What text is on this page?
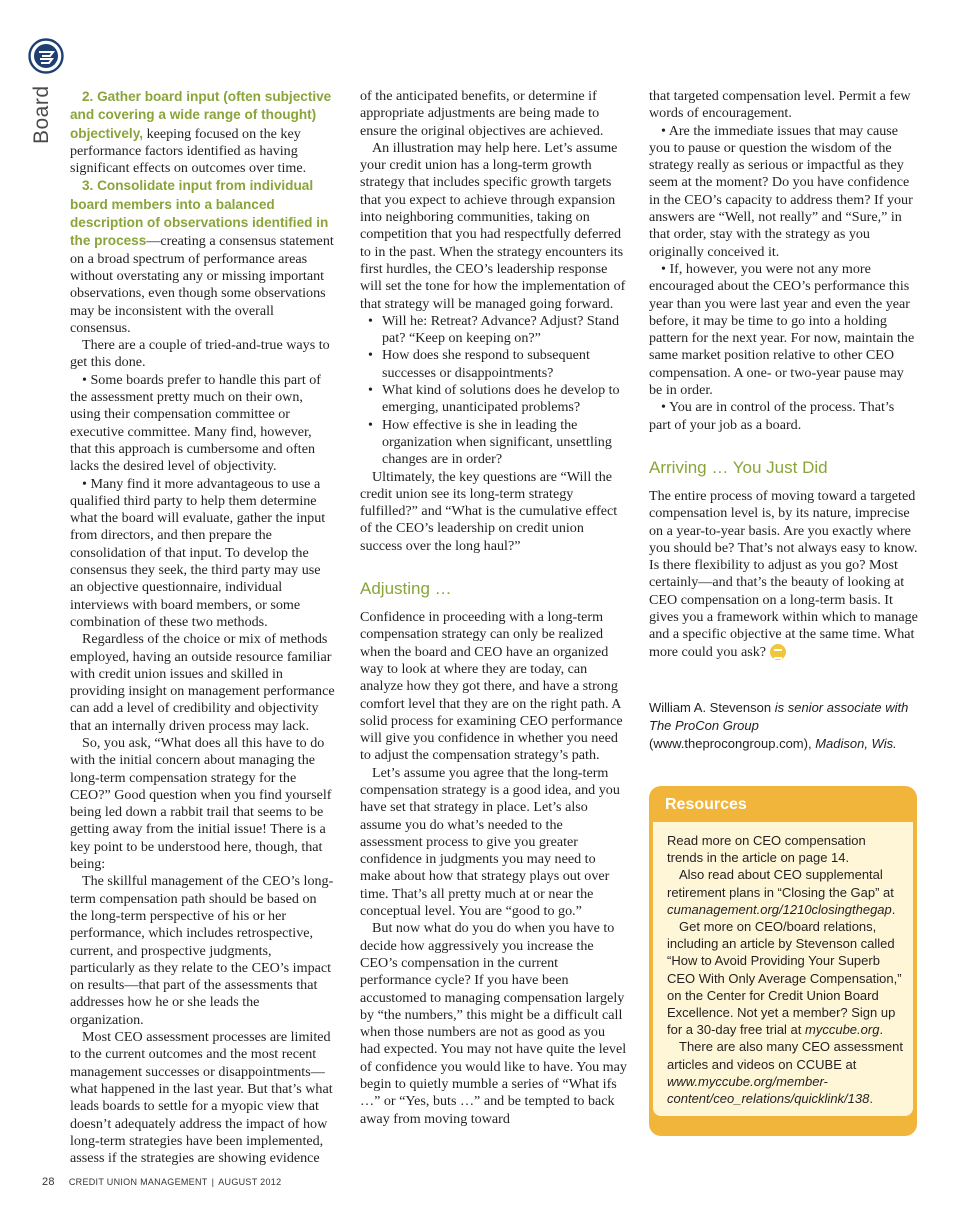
Board	2. Gather board input (often subjective and covering a wide range of thought) objectively, keeping focused on the key performance factors identified as having significant effects on outcomes over time.

3. Consolidate input from individual board members into a balanced description of observations identified in the process—creating a consensus statement on a broad spectrum of performance areas without overstating any or missing important observations, even though some observations may be inconsistent with the overall consensus.

There are a couple of tried-and-true ways to get this done.

• Some boards prefer to handle this part of the assessment pretty much on their own, using their compensation committee or executive committee. Many find, however, that this approach is cumbersome and often lacks the desired level of objectivity.

• Many find it more advantageous to use a qualified third party to help them determine what the board will evaluate, gather the input from directors, and then prepare the consolidation of that input. To develop the consensus they seek, the third party may use an objective questionnaire, individual interviews with board members, or some combination of these two methods.

Regardless of the choice or mix of methods employed, having an outside resource familiar with credit union issues and skilled in providing insight on management performance can add a level of credibility and objectivity that an internally driven process may lack.

So, you ask, “What does all this have to do with the initial concern about managing the long-term compensation strategy for the CEO?” Good question when you find yourself being led down a rabbit trail that seems to be getting away from the initial issue! There is a key point to be understood here, though, that being:

The skillful management of the CEO’s long-term compensation path should be based on the long-term perspective of his or her performance, which includes retrospective, current, and prospective judgments, particularly as they relate to the CEO’s impact on results—that part of the assessments that addresses how he or she leads the organization.

Most CEO assessment processes are limited to the current outcomes and the most recent management successes or disappointments—what happened in the last year. But that’s what leads boards to settle for a myopic view that doesn’t adequately address the impact of how long-term strategies have been implemented, assess if the strategies are showing evidence

of the anticipated benefits, or determine if appropriate adjustments are being made to ensure the original objectives are achieved.

An illustration may help here. Let’s assume your credit union has a long-term growth strategy that includes specific growth targets that you expect to achieve through expansion into neighboring communities, taking on competition that you had respectfully deferred to in the past. When the strategy encounters its first hurdles, the CEO’s leadership response will set the tone for how the implementation of that strategy will be managed going forward.

• Will he: Retreat? Advance? Adjust? Stand pat? “Keep on keeping on?”
• How does she respond to subsequent successes or disappointments?
• What kind of solutions does he develop to emerging, unanticipated problems?
• How effective is she in leading the organization when significant, unsettling changes are in order?

Ultimately, the key questions are “Will the credit union see its long-term strategy fulfilled?” and “What is the cumulative effect of the CEO’s leadership on credit union success over the long haul?”

Adjusting …

Confidence in proceeding with a long-term compensation strategy can only be realized when the board and CEO have an organized way to look at where they are today, can analyze how they got there, and have a strong comfort level that they are on the right path. A solid process for examining CEO performance will give you confidence in whether you need to adjust the compensation strategy’s path.

Let’s assume you agree that the long-term compensation strategy is a good idea, and you have set that strategy in place. Let’s also assume you do what’s needed to the assessment process to give you greater confidence in judgments you may need to make about how that strategy plays out over time. That’s all pretty much at or near the conceptual level. You are “good to go.”

But now what do you do when you have to decide how aggressively you increase the CEO’s compensation in the current performance cycle? If you have been accustomed to managing compensation largely by “the numbers,” this might be a difficult call when those numbers are not as good as you had expected. You may not have quite the level of confidence you would like to have. You may begin to quietly mumble a series of “What ifs …” or “Yes, buts …” and be tempted to back away from moving toward

that targeted compensation level. Permit a few words of encouragement.

• Are the immediate issues that may cause you to pause or question the wisdom of the strategy really as serious or impactful as they seem at the moment? Do you have confidence in the CEO’s capacity to address them? If your answers are “Well, not really” and “Sure,” in that order, stay with the strategy as you originally conceived it.

• If, however, you were not any more encouraged about the CEO’s performance this year than you were last year and even the year before, it may be time to go into a holding pattern for the next year. For now, maintain the same market position relative to other CEO compensation. A one- or two-year pause may be in order.

• You are in control of the process. That’s part of your job as a board.

Arriving … You Just Did

The entire process of moving toward a targeted compensation level is, by its nature, imprecise on a year-to-year basis. Are you exactly where you should be? That’s not always easy to know. Is there flexibility to adjust as you go? Most certainly—and that’s the beauty of looking at CEO compensation on a long-term basis. It gives you a framework within which to manage and a specific objective at the same time. What more could you ask?

William A. Stevenson is senior associate with The ProCon Group (www.theprocongroup.com), Madison, Wis.

Resources

Read more on CEO compensation trends in the article on page 14.

Also read about CEO supplemental retirement plans in “Closing the Gap” at cumanagement.org/1210closingthegap.

Get more on CEO/board relations, including an article by Stevenson called “How to Avoid Providing Your Superb CEO With Only Average Compensation,” on the Center for Credit Union Board Excellence. Not yet a member? Sign up for a 30-day free trial at myccube.org.

There are also many CEO assessment articles and videos on CCUBE at www.myccube.org/member-content/ceo_relations/quicklink/138.

28 CREDIT UNION MANAGEMENT | AUGUST 2012
